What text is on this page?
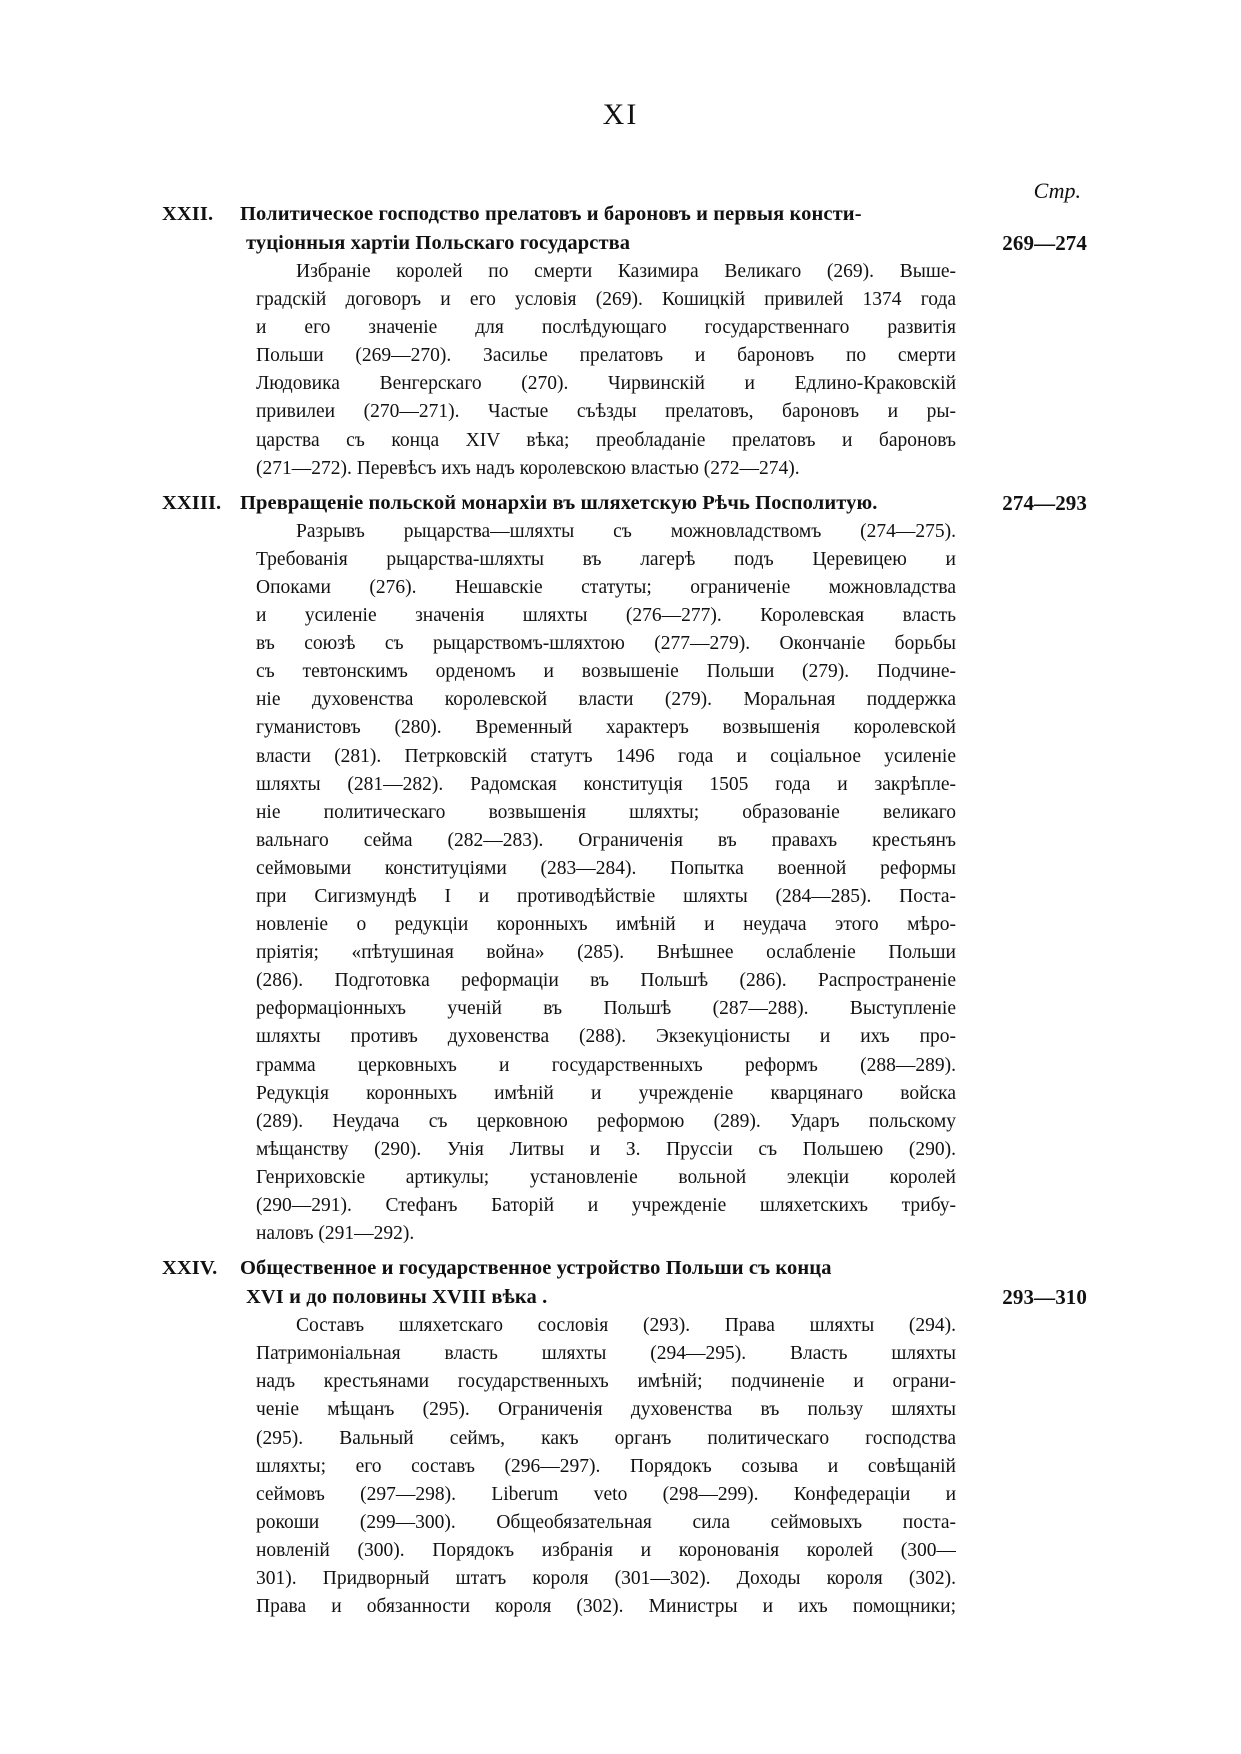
XI
Стр.
XXII. Политическое господство прелатовъ и бароновъ и первыя консти-
туціонныя хартіи Польскаго государства	269—274
Избраніе королей по смерти Казимира Великаго (269). Выше-
градскій договоръ и его условія (269). Кошицкій привилей 1374 года
и его значеніе для послѣдующаго государственнаго развитія
Польши (269—270). Засилье прелатовъ и бароновъ по смерти
Людовика Венгерскаго (270). Чирвинскій и Едлино-Краковскій
привилеи (270—271). Частые съѣзды прелатовъ, бароновъ и ры-
царства съ конца XIV вѣка; преобладаніе прелатовъ и бароновъ
(271—272). Перевѣсъ ихъ надъ королевскою властью (272—274).
XXIII. Превращеніе польской монархіи въ шляхетскую Рѣчь Посполитую.	274—293
Разрывъ рыцарства—шляхты съ можновладствомъ (274—275).
Требованія рыцарства-шляхты въ лагерѣ подъ Церевицею и
Опоками (276). Нешавскіе статуты; ограниченіе можновладства
и усиленіе значенія шляхты (276—277). Королевская власть
въ союзѣ съ рыцарствомъ-шляхтою (277—279). Окончаніе борьбы
съ тевтонскимъ орденомъ и возвышеніе Польши (279). Подчине-
ніе духовенства королевской власти (279). Моральная поддержка
гуманистовъ (280). Временный характеръ возвышенія королевской
власти (281). Петрковскій статутъ 1496 года и соціальное усиленіе
шляхты (281—282). Радомская конституція 1505 года и закрѣпле-
ніе политическаго возвышенія шляхты; образованіе великаго
вальнаго сейма (282—283). Ограниченія въ правахъ крестьянъ
сеймовыми конституціями (283—284). Попытка военной реформы
при Сигизмундѣ I и противодѣйствіе шляхты (284—285). Поста-
новленіе о редукціи коронныхъ имѣній и неудача этого мѣро-
пріятія; «пѣтушиная война» (285). Внѣшнее ослабленіе Польши
(286). Подготовка реформаціи въ Польшѣ (286). Распространеніе
реформаціонныхъ ученій въ Польшѣ (287—288). Выступленіе
шляхты противъ духовенства (288). Экзекуціонисты и ихъ про-
грамма церковныхъ и государственныхъ реформъ (288—289).
Редукція коронныхъ имѣній и учрежденіе кварцянаго войска
(289). Неудача съ церковною реформою (289). Ударъ польскому
мѣщанству (290). Унія Литвы и З. Пруссіи съ Польшею (290).
Генриховскіе артикулы; установленіе вольной элекціи королей
(290—291). Стефанъ Баторій и учрежденіе шляхетскихъ трибу-
наловъ (291—292).
XXIV. Общественное и государственное устройство Польши съ конца
XVI и до половины XVIII вѣка .	293—310
Составъ шляхетскаго сословія (293). Права шляхты (294).
Патримоніальная власть шляхты (294—295). Власть шляхты
надъ крестьянами государственныхъ имѣній; подчиненіе и ограни-
ченіе мѣщанъ (295). Ограниченія духовенства въ пользу шляхты
(295). Вальный сеймъ, какъ органъ политическаго господства
шляхты; его составъ (296—297). Порядокъ созыва и совѣщаній
сеймовъ (297—298). Liberum veto (298—299). Конфедераціи и
рокоши (299—300). Общеобязательная сила сеймовыхъ поста-
новленій (300). Порядокъ избранія и коронованія королей (300—
301). Придворный штатъ короля (301—302). Доходы короля (302).
Права и обязанности короля (302). Министры и ихъ помощники;
